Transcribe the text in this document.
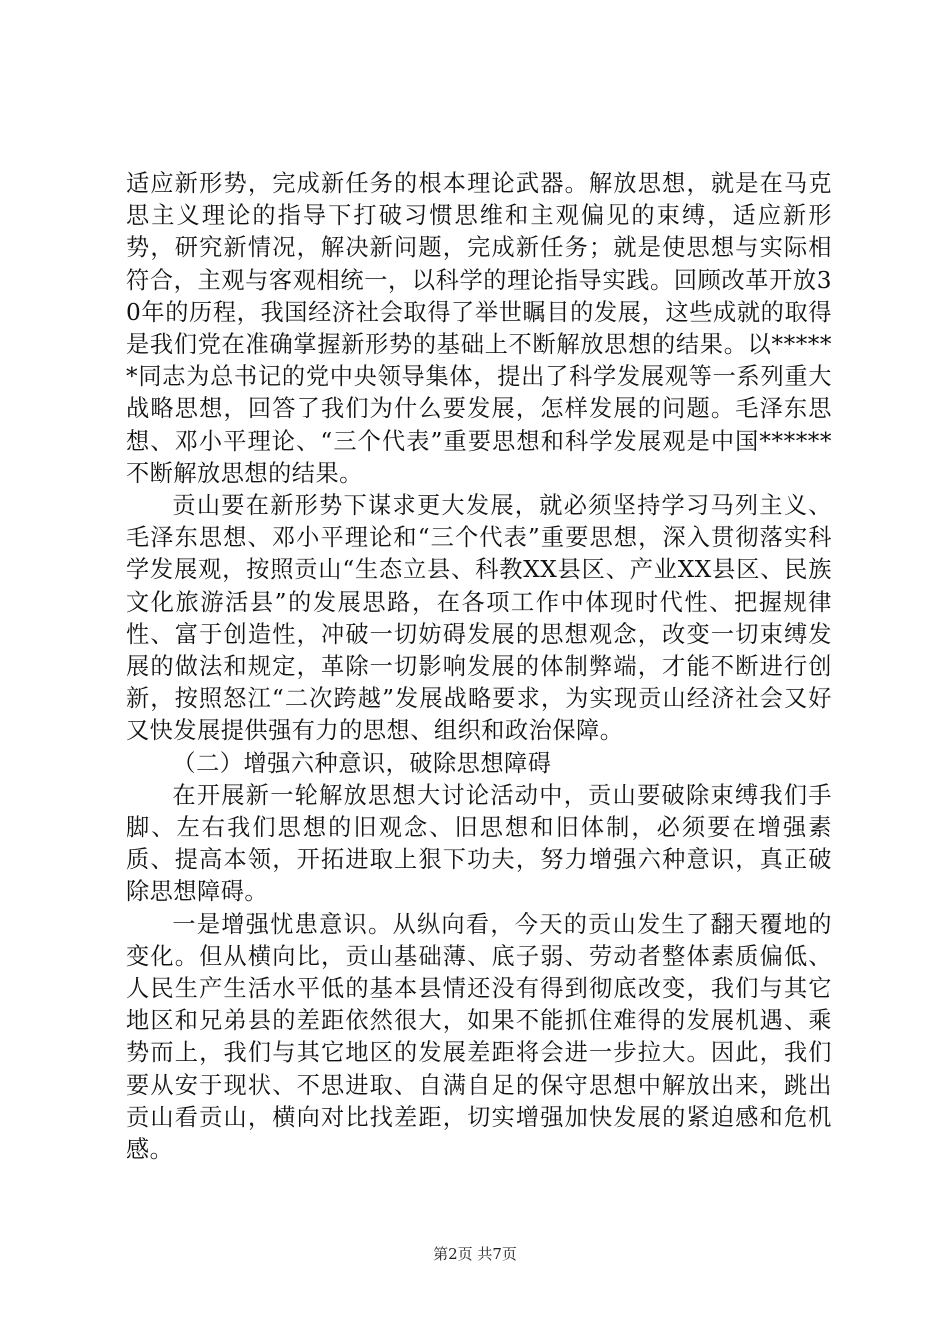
适应新形势，完成新任务的根本理论武器。解放思想，就是在马克思主义理论的指导下打破习惯思维和主观偏见的束缚，适应新形势，研究新情况，解决新问题，完成新任务；就是使思想与实际相符合，主观与客观相统一，以科学的理论指导实践。回顾改革开放30年的历程，我国经济社会取得了举世瞩目的发展，这些成就的取得是我们党在准确掌握新形势的基础上不断解放思想的结果。以******同志为总书记的党中央领导集体，提出了科学发展观等一系列重大战略思想，回答了我们为什么要发展，怎样发展的问题。毛泽东思想、邓小平理论、“三个代表”重要思想和科学发展观是中国******不断解放思想的结果。

贡山要在新形势下谋求更大发展，就必须坚持学习马列主义、毛泽东思想、邓小平理论和“三个代表”重要思想，深入贯彻落实科学发展观，按照贡山“生态立县、科教XX县区、产业XX县区、民族文化旅游活县”的发展思路，在各项工作中体现时代性、把握规律性、富于创造性，冲破一切妨碍发展的思想观念，改变一切束缚发展的做法和规定，革除一切影响发展的体制弊端，才能不断进行创新，按照怒江“二次跨越”发展战略要求，为实现贡山经济社会又好又快发展提供强有力的思想、组织和政治保障。

（二）增强六种意识，破除思想障碍

在开展新一轮解放思想大讨论活动中，贡山要破除束缚我们手脚、左右我们思想的旧观念、旧思想和旧体制，必须要在增强素质、提高本领，开拓进取上狠下功夫，努力增强六种意识，真正破除思想障碍。

一是增强忧患意识。从纵向看，今天的贡山发生了翻天覆地的变化。但从横向比，贡山基础薄、底子弱、劳动者整体素质偏低、人民生产生活水平低的基本县情还没有得到彻底改变，我们与其它地区和兄弟县的差距依然很大，如果不能抓住难得的发展机遇、乘势而上，我们与其它地区的发展差距将会进一步拉大。因此，我们要从安于现状、不思进取、自满自足的保守思想中解放出来，跳出贡山看贡山，横向对比找差距，切实增强加快发展的紧迫感和危机感。

第2页 共7页
